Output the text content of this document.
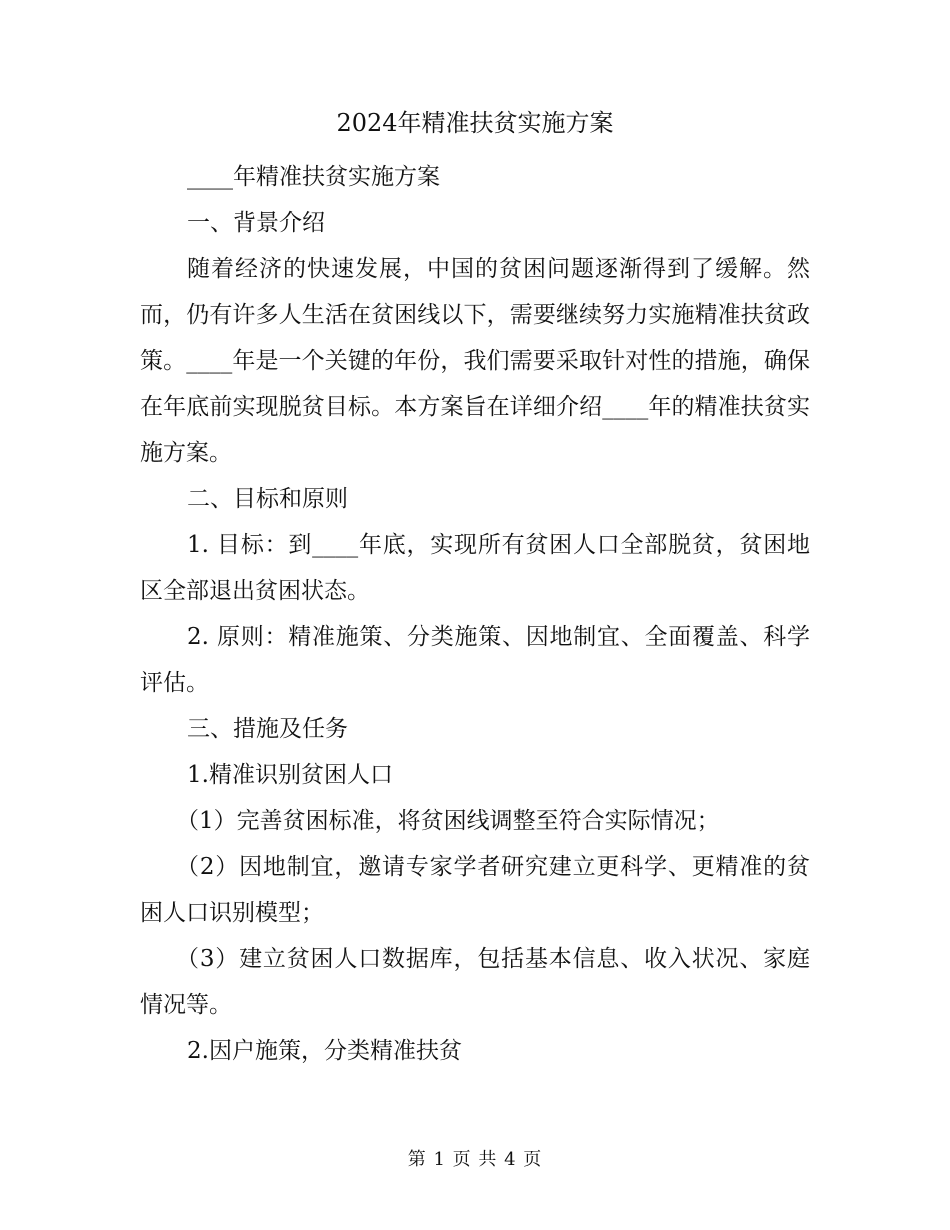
2024年精准扶贫实施方案

____年精准扶贫实施方案

一、背景介绍

随着经济的快速发展，中国的贫困问题逐渐得到了缓解。然而，仍有许多人生活在贫困线以下，需要继续努力实施精准扶贫政策。____年是一个关键的年份，我们需要采取针对性的措施，确保在年底前实现脱贫目标。本方案旨在详细介绍____年的精准扶贫实施方案。

二、目标和原则

1. 目标：到____年底，实现所有贫困人口全部脱贫，贫困地区全部退出贫困状态。

2. 原则：精准施策、分类施策、因地制宜、全面覆盖、科学评估。

三、措施及任务

1.精准识别贫困人口

（1）完善贫困标准，将贫困线调整至符合实际情况；

（2）因地制宜，邀请专家学者研究建立更科学、更精准的贫困人口识别模型；

（3）建立贫困人口数据库，包括基本信息、收入状况、家庭情况等。

2.因户施策，分类精准扶贫

第 1 页 共 4 页
